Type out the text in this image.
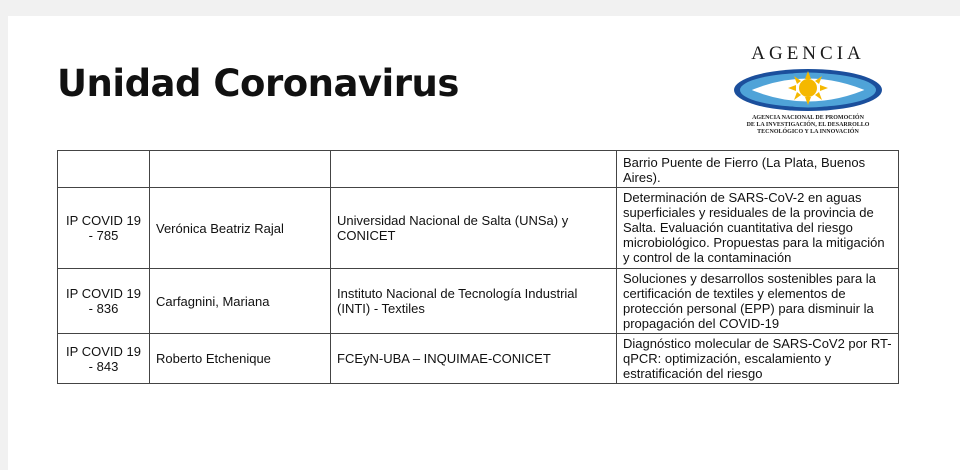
Unidad Coronavirus
AGENCIA
AGENCIA NACIONAL DE PROMOCIÓN
DE LA INVESTIGACIÓN, EL DESARROLLO
TECNOLÓGICO Y LA INNOVACIÓN
			Barrio Puente de Fierro (La Plata, Buenos Aires).
IP COVID 19 - 785	Verónica Beatriz Rajal	Universidad Nacional de Salta (UNSa) y CONICET	Determinación de SARS-CoV-2 en aguas superficiales y residuales de la provincia de Salta. Evaluación cuantitativa del riesgo microbiológico. Propuestas para la mitigación y control de la contaminación
IP COVID 19 - 836	Carfagnini, Mariana	Instituto Nacional de Tecnología Industrial (INTI) - Textiles	Soluciones y desarrollos sostenibles para la certificación de textiles y elementos de protección personal (EPP) para disminuir la propagación del COVID-19
IP COVID 19 - 843	Roberto Etchenique	FCEyN-UBA – INQUIMAE-CONICET	Diagnóstico molecular de SARS-CoV2 por RT-qPCR: optimización, escalamiento y estratificación del riesgo
